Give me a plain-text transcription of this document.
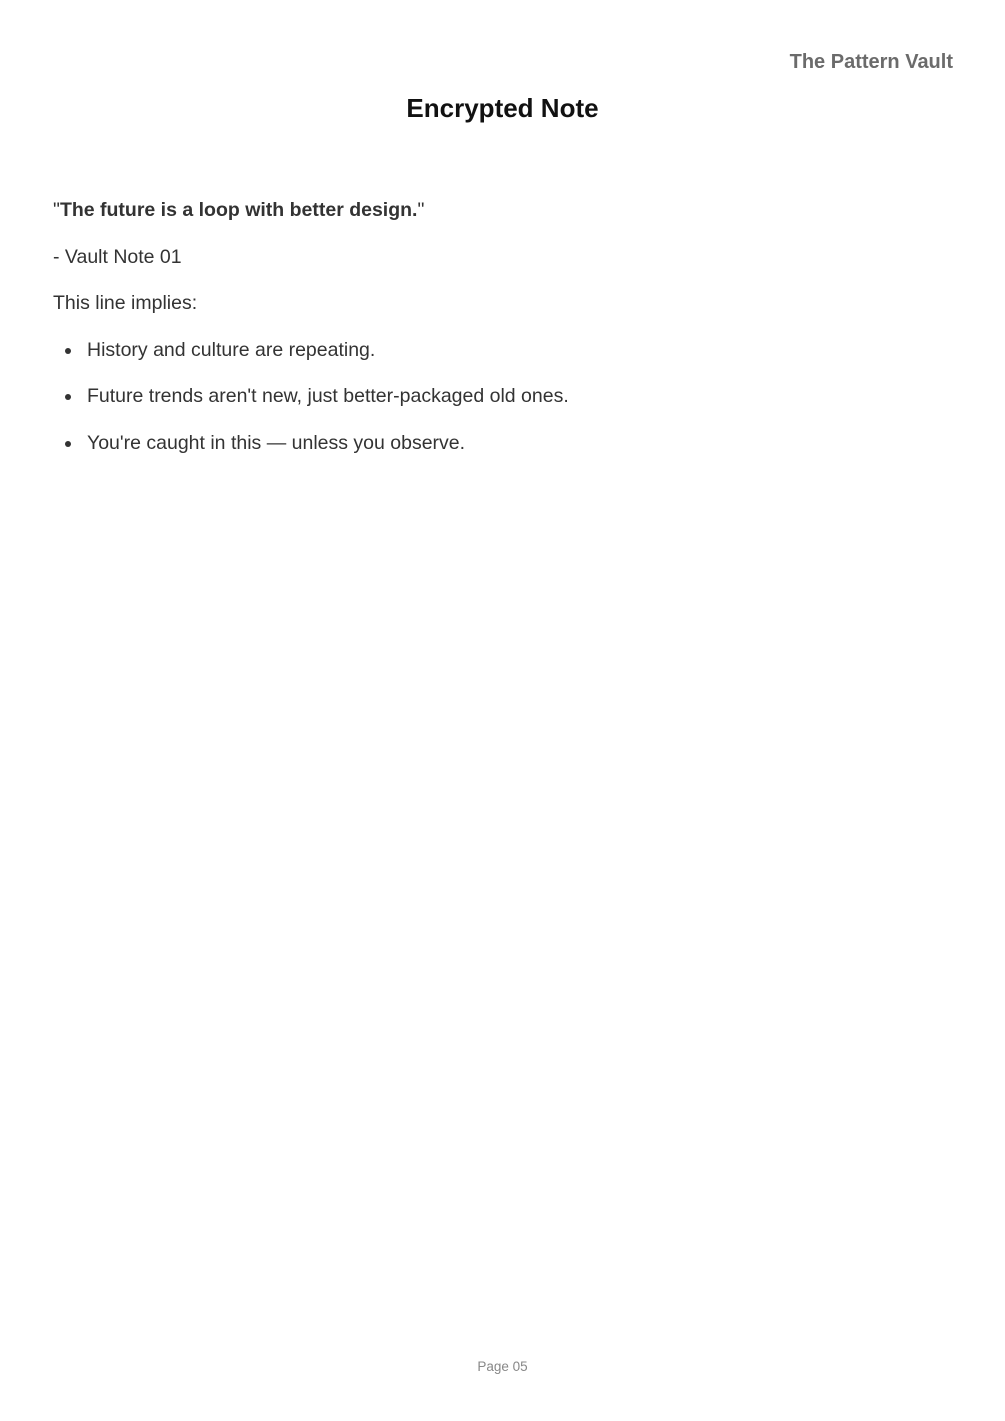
The Pattern Vault
Encrypted Note

"The future is a loop with better design."

- Vault Note 01

This line implies:

History and culture are repeating.
Future trends aren't new, just better-packaged old ones.
You're caught in this — unless you observe.
Page 05
